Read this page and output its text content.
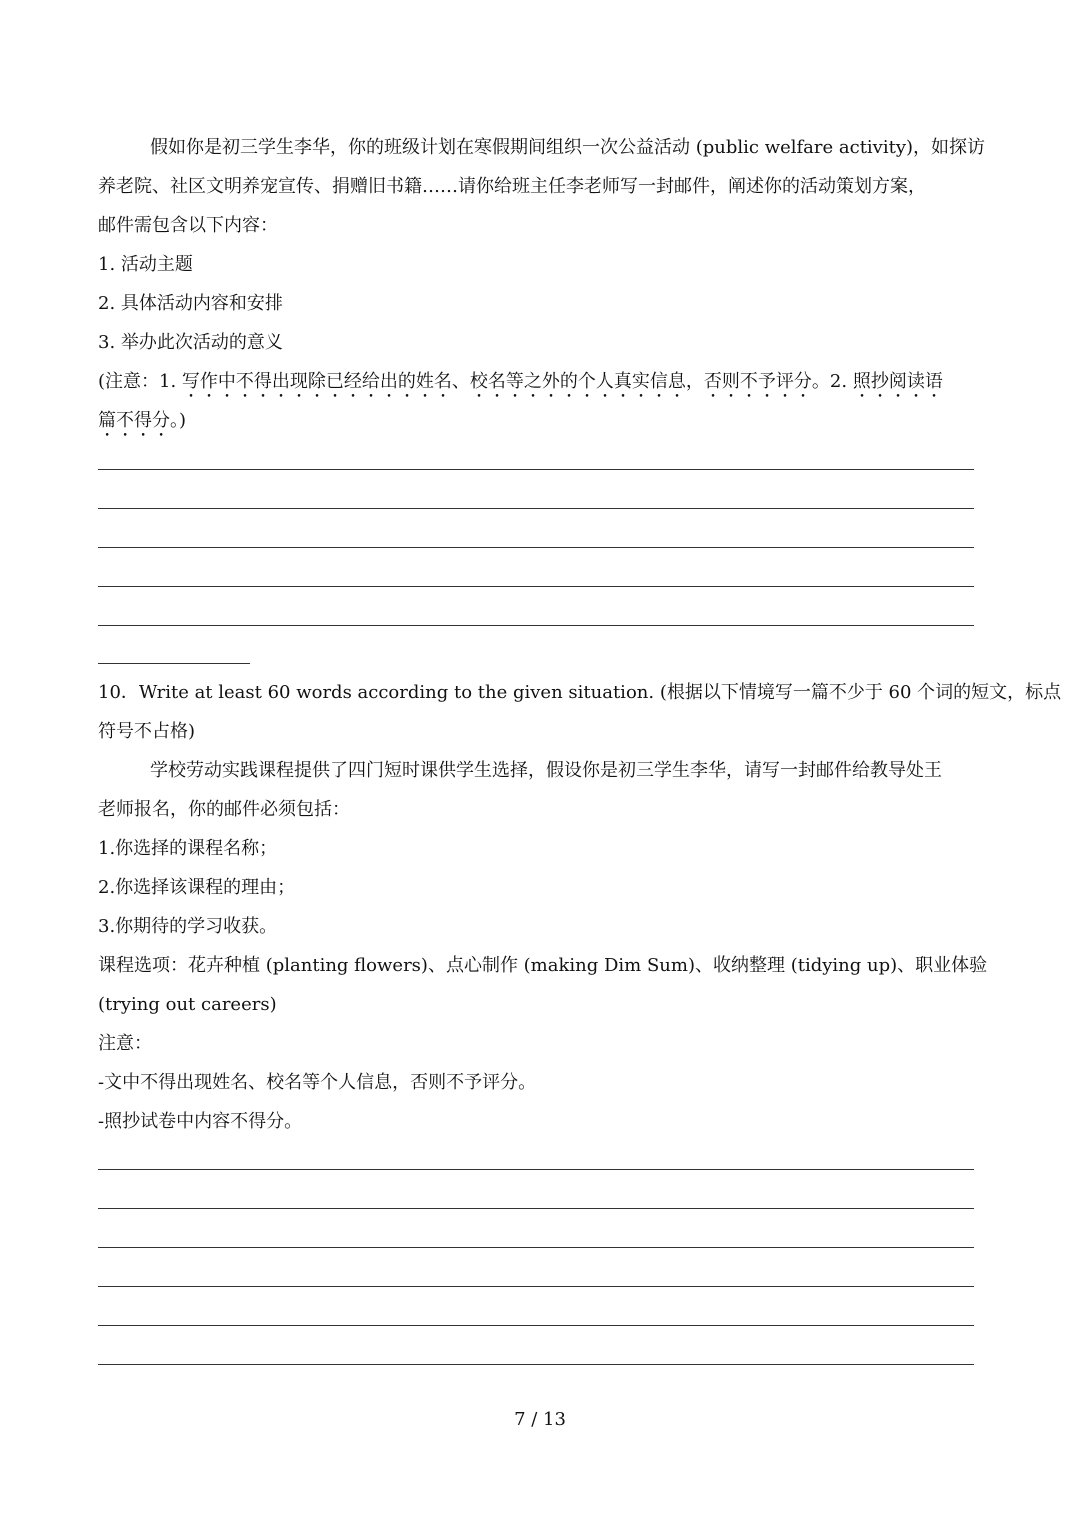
假如你是初三学生李华，你的班级计划在寒假期间组织一次公益活动 (public welfare activity)，如探访
养老院、社区文明养宠宣传、捐赠旧书籍……请你给班主任李老师写一封邮件，阐述你的活动策划方案，
邮件需包含以下内容：
1. 活动主题
2. 具体活动内容和安排
3. 举办此次活动的意义
(注意：1. 写作中不得出现除已经给出的姓名、校名等之外的个人真实信息，否则不予评分。2. 照抄阅读语
篇不得分。)
10．Write at least 60 words according to the given situation. (根据以下情境写一篇不少于 60 个词的短文，标点
符号不占格)
学校劳动实践课程提供了四门短时课供学生选择，假设你是初三学生李华，请写一封邮件给教导处王
老师报名，你的邮件必须包括：
1.你选择的课程名称；
2.你选择该课程的理由；
3.你期待的学习收获。
课程选项：花卉种植 (planting flowers)、点心制作 (making Dim Sum)、收纳整理 (tidying up)、职业体验
(trying out careers)
注意：
-文中不得出现姓名、校名等个人信息，否则不予评分。
-照抄试卷中内容不得分。
7 / 13
